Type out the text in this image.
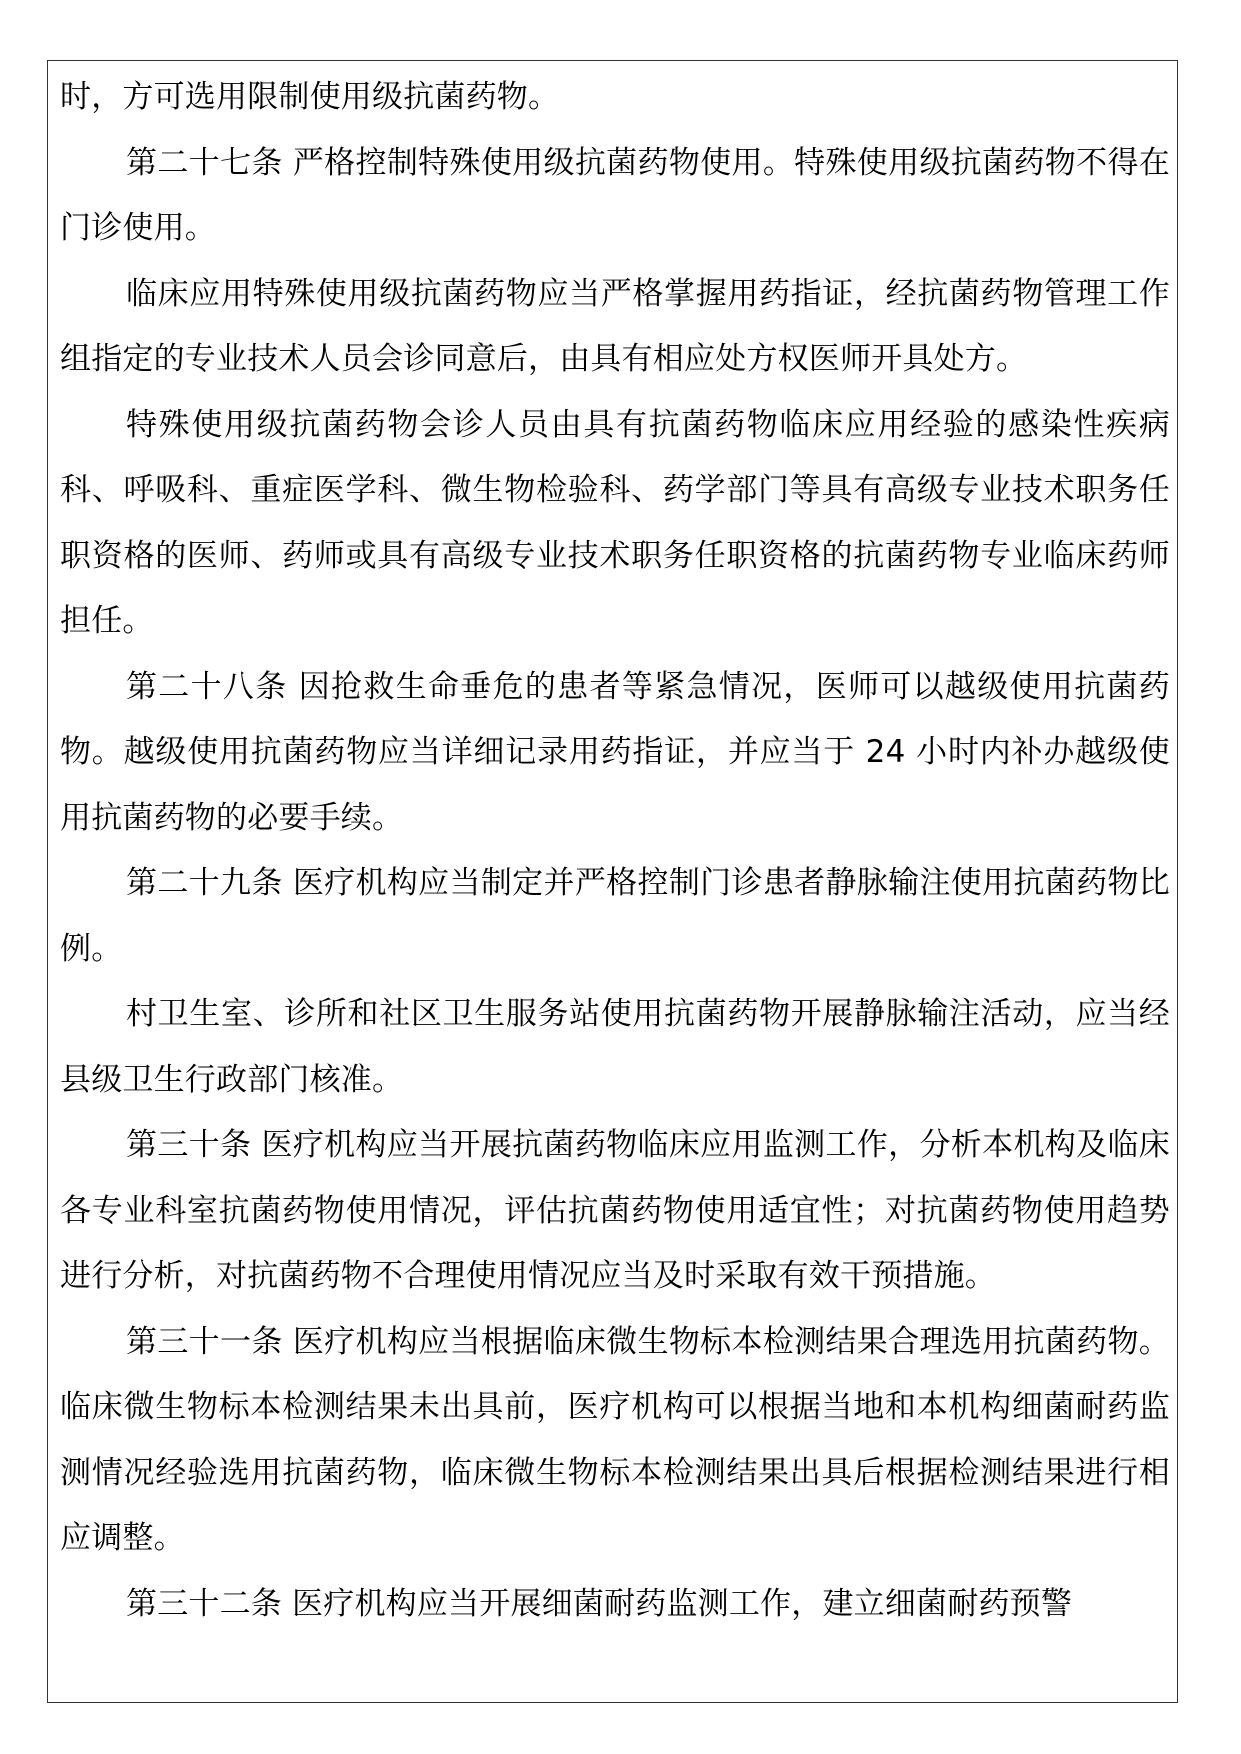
时，方可选用限制使用级抗菌药物。

第二十七条 严格控制特殊使用级抗菌药物使用。特殊使用级抗菌药物不得在门诊使用。

临床应用特殊使用级抗菌药物应当严格掌握用药指证，经抗菌药物管理工作组指定的专业技术人员会诊同意后，由具有相应处方权医师开具处方。

特殊使用级抗菌药物会诊人员由具有抗菌药物临床应用经验的感染性疾病科、呼吸科、重症医学科、微生物检验科、药学部门等具有高级专业技术职务任职资格的医师、药师或具有高级专业技术职务任职资格的抗菌药物专业临床药师担任。

第二十八条 因抢救生命垂危的患者等紧急情况，医师可以越级使用抗菌药物。越级使用抗菌药物应当详细记录用药指证，并应当于 24 小时内补办越级使用抗菌药物的必要手续。

第二十九条 医疗机构应当制定并严格控制门诊患者静脉输注使用抗菌药物比例。

村卫生室、诊所和社区卫生服务站使用抗菌药物开展静脉输注活动，应当经县级卫生行政部门核准。

第三十条 医疗机构应当开展抗菌药物临床应用监测工作，分析本机构及临床各专业科室抗菌药物使用情况，评估抗菌药物使用适宜性；对抗菌药物使用趋势进行分析，对抗菌药物不合理使用情况应当及时采取有效干预措施。

第三十一条 医疗机构应当根据临床微生物标本检测结果合理选用抗菌药物。临床微生物标本检测结果未出具前，医疗机构可以根据当地和本机构细菌耐药监测情况经验选用抗菌药物，临床微生物标本检测结果出具后根据检测结果进行相应调整。

第三十二条 医疗机构应当开展细菌耐药监测工作，建立细菌耐药预警
